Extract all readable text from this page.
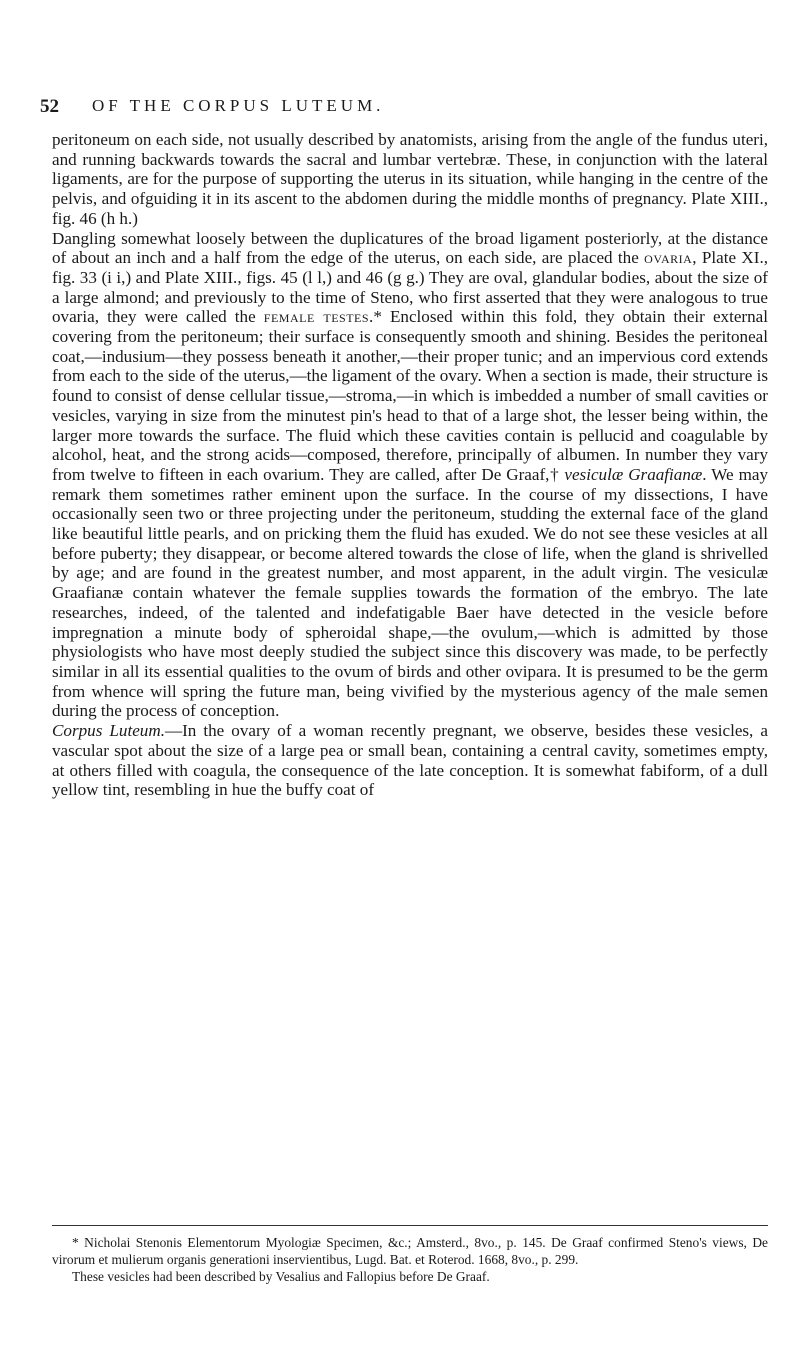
52 OF THE CORPUS LUTEUM.

peritoneum on each side, not usually described by anatomists, arising from the angle of the fundus uteri, and running backwards towards the sacral and lumbar vertebræ. These, in conjunction with the lateral ligaments, are for the purpose of supporting the uterus in its situation, while hanging in the centre of the pelvis, and ofguiding it in its ascent to the abdomen during the middle months of pregnancy. Plate XIII., fig. 46 (h h.)
Dangling somewhat loosely between the duplicatures of the broad ligament posteriorly, at the distance of about an inch and a half from the edge of the uterus, on each side, are placed the ovaria, Plate XI., fig. 33 (i i,) and Plate XIII., figs. 45 (l l,) and 46 (g g.) They are oval, glandular bodies, about the size of a large almond; and previously to the time of Steno, who first asserted that they were analogous to true ovaria, they were called the female testes.* Enclosed within this fold, they obtain their external covering from the peritoneum; their surface is consequently smooth and shining. Besides the peritoneal coat,—indusium—they possess beneath it another,—their proper tunic; and an impervious cord extends from each to the side of the uterus,—the ligament of the ovary. When a section is made, their structure is found to consist of dense cellular tissue,—stroma,—in which is imbedded a number of small cavities or vesicles, varying in size from the minutest pin's head to that of a large shot, the lesser being within, the larger more towards the surface. The fluid which these cavities contain is pellucid and coagulable by alcohol, heat, and the strong acids—composed, therefore, principally of albumen. In number they vary from twelve to fifteen in each ovarium. They are called, after De Graaf,† vesiculæ Graafianæ. We may remark them sometimes rather eminent upon the surface. In the course of my dissections, I have occasionally seen two or three projecting under the peritoneum, studding the external face of the gland like beautiful little pearls, and on pricking them the fluid has exuded. We do not see these vesicles at all before puberty; they disappear, or become altered towards the close of life, when the gland is shrivelled by age; and are found in the greatest number, and most apparent, in the adult virgin. The vesiculæ Graafianæ contain whatever the female supplies towards the formation of the embryo. The late researches, indeed, of the talented and indefatigable Baer have detected in the vesicle before impregnation a minute body of spheroidal shape,—the ovulum,—which is admitted by those physiologists who have most deeply studied the subject since this discovery was made, to be perfectly similar in all its essential qualities to the ovum of birds and other ovipara. It is presumed to be the germ from whence will spring the future man, being vivified by the mysterious agency of the male semen during the process of conception.

Corpus Luteum.—In the ovary of a woman recently pregnant, we observe, besides these vesicles, a vascular spot about the size of a large pea or small bean, containing a central cavity, sometimes empty, at others filled with coagula, the consequence of the late conception. It is somewhat fabiform, of a dull yellow tint, resembling in hue the buffy coat of

* Nicholai Stenonis Elementorum Myologiæ Specimen, &c.; Amsterd., 8vo., p. 145. De Graaf confirmed Steno's views, De virorum et mulierum organis generationi inservientibus, Lugd. Bat. et Roterod. 1668, 8vo., p. 299.

These vesicles had been described by Vesalius and Fallopius before De Graaf.
